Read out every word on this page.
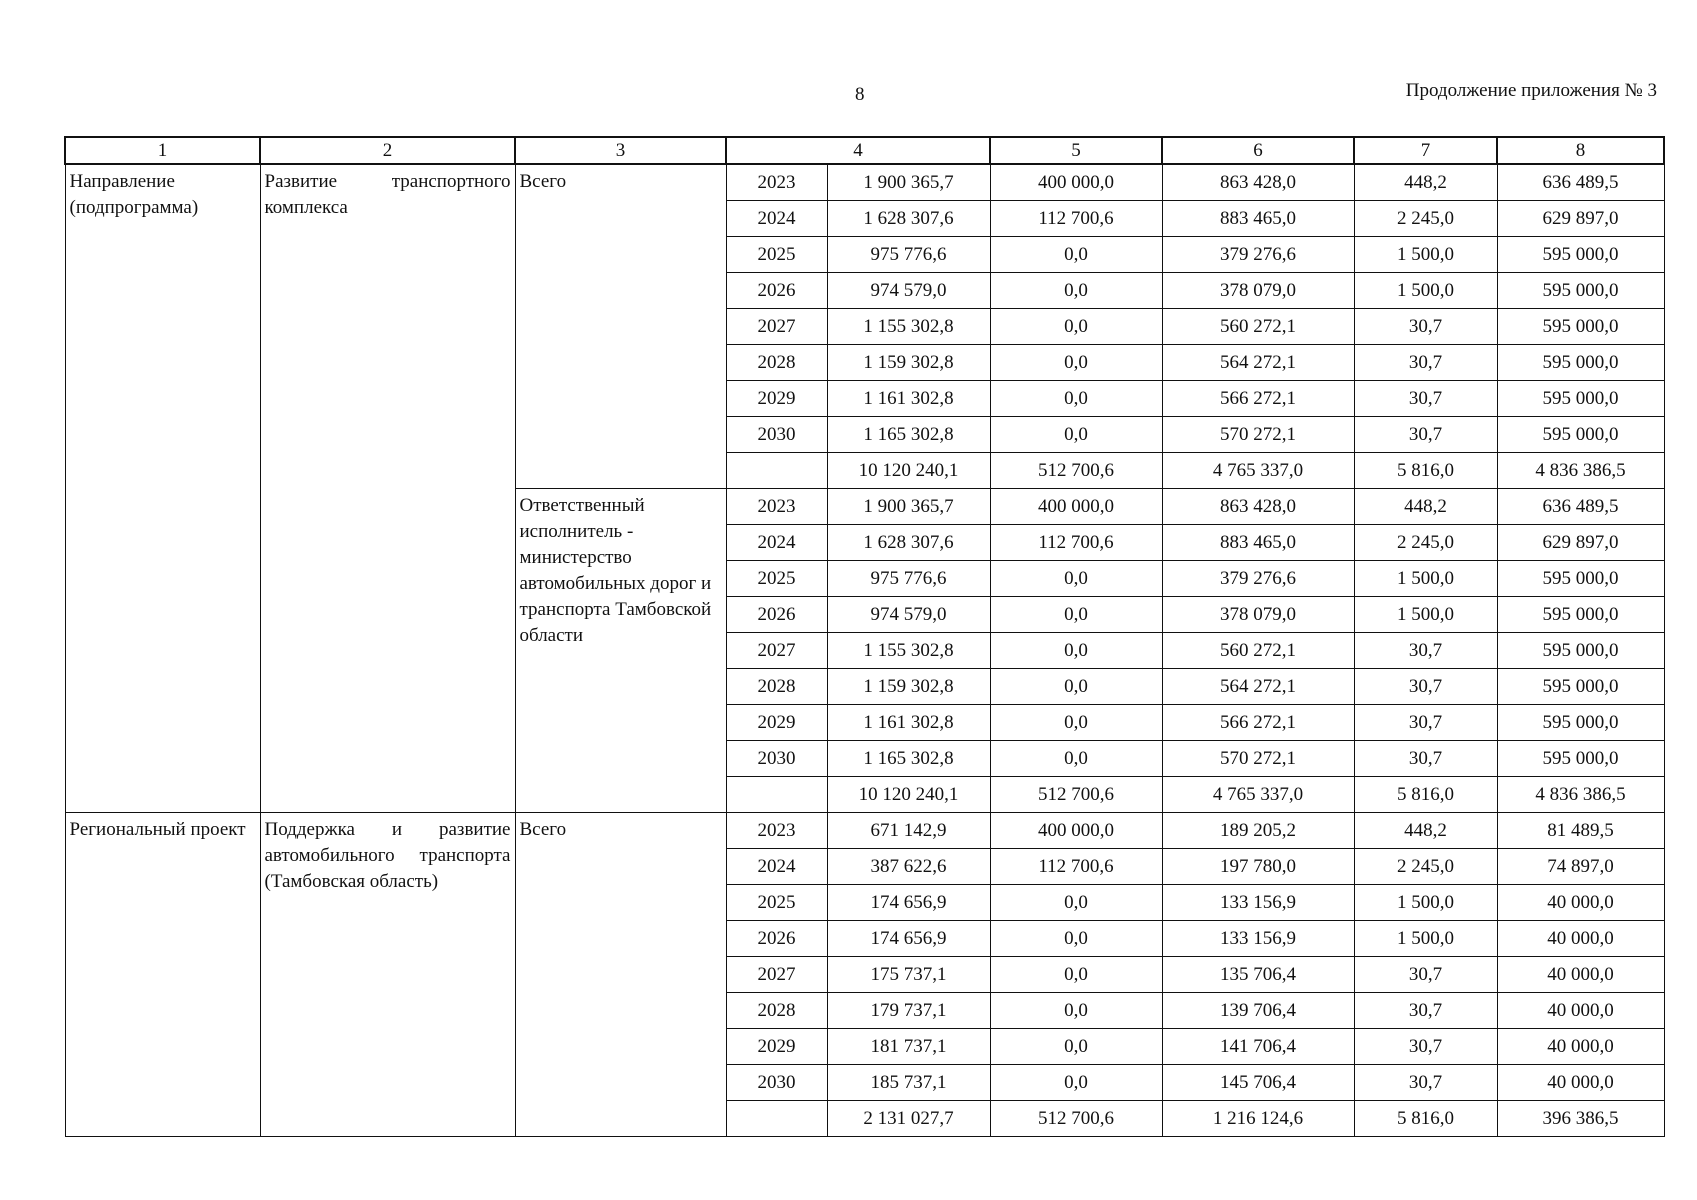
8	Продолжение приложения № 3
1	2	3	4		5	6	7	8
Направление (подпрограмма)	Развитие транспортного комплекса	Всего	2023	1 900 365,7	400 000,0	863 428,0	448,2	636 489,5
			2024	1 628 307,6	112 700,6	883 465,0	2 245,0	629 897,0
			2025	975 776,6	0,0	379 276,6	1 500,0	595 000,0
			2026	974 579,0	0,0	378 079,0	1 500,0	595 000,0
			2027	1 155 302,8	0,0	560 272,1	30,7	595 000,0
			2028	1 159 302,8	0,0	564 272,1	30,7	595 000,0
			2029	1 161 302,8	0,0	566 272,1	30,7	595 000,0
			2030	1 165 302,8	0,0	570 272,1	30,7	595 000,0
				10 120 240,1	512 700,6	4 765 337,0	5 816,0	4 836 386,5
		Ответственный исполнитель - министерство автомобильных дорог и транспорта Тамбовской области	2023	1 900 365,7	400 000,0	863 428,0	448,2	636 489,5
			2024	1 628 307,6	112 700,6	883 465,0	2 245,0	629 897,0
			2025	975 776,6	0,0	379 276,6	1 500,0	595 000,0
			2026	974 579,0	0,0	378 079,0	1 500,0	595 000,0
			2027	1 155 302,8	0,0	560 272,1	30,7	595 000,0
			2028	1 159 302,8	0,0	564 272,1	30,7	595 000,0
			2029	1 161 302,8	0,0	566 272,1	30,7	595 000,0
			2030	1 165 302,8	0,0	570 272,1	30,7	595 000,0
				10 120 240,1	512 700,6	4 765 337,0	5 816,0	4 836 386,5
Региональный проект	Поддержка и развитие автомобильного транспорта (Тамбовская область)	Всего	2023	671 142,9	400 000,0	189 205,2	448,2	81 489,5
			2024	387 622,6	112 700,6	197 780,0	2 245,0	74 897,0
			2025	174 656,9	0,0	133 156,9	1 500,0	40 000,0
			2026	174 656,9	0,0	133 156,9	1 500,0	40 000,0
			2027	175 737,1	0,0	135 706,4	30,7	40 000,0
			2028	179 737,1	0,0	139 706,4	30,7	40 000,0
			2029	181 737,1	0,0	141 706,4	30,7	40 000,0
			2030	185 737,1	0,0	145 706,4	30,7	40 000,0
				2 131 027,7	512 700,6	1 216 124,6	5 816,0	396 386,5
